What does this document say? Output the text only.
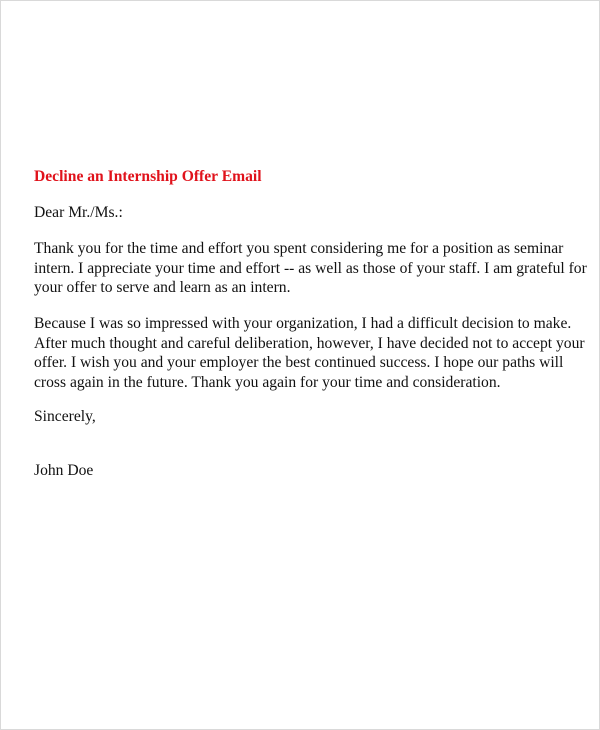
Decline an Internship Offer Email
Dear Mr./Ms.:
Thank you for the time and effort you spent considering me for a position as seminar
intern. I appreciate your time and effort -- as well as those of your staff. I am grateful for
your offer to serve and learn as an intern.
Because I was so impressed with your organization, I had a difficult decision to make.
After much thought and careful deliberation, however, I have decided not to accept your
offer. I wish you and your employer the best continued success. I hope our paths will
cross again in the future. Thank you again for your time and consideration.
Sincerely,
John Doe
